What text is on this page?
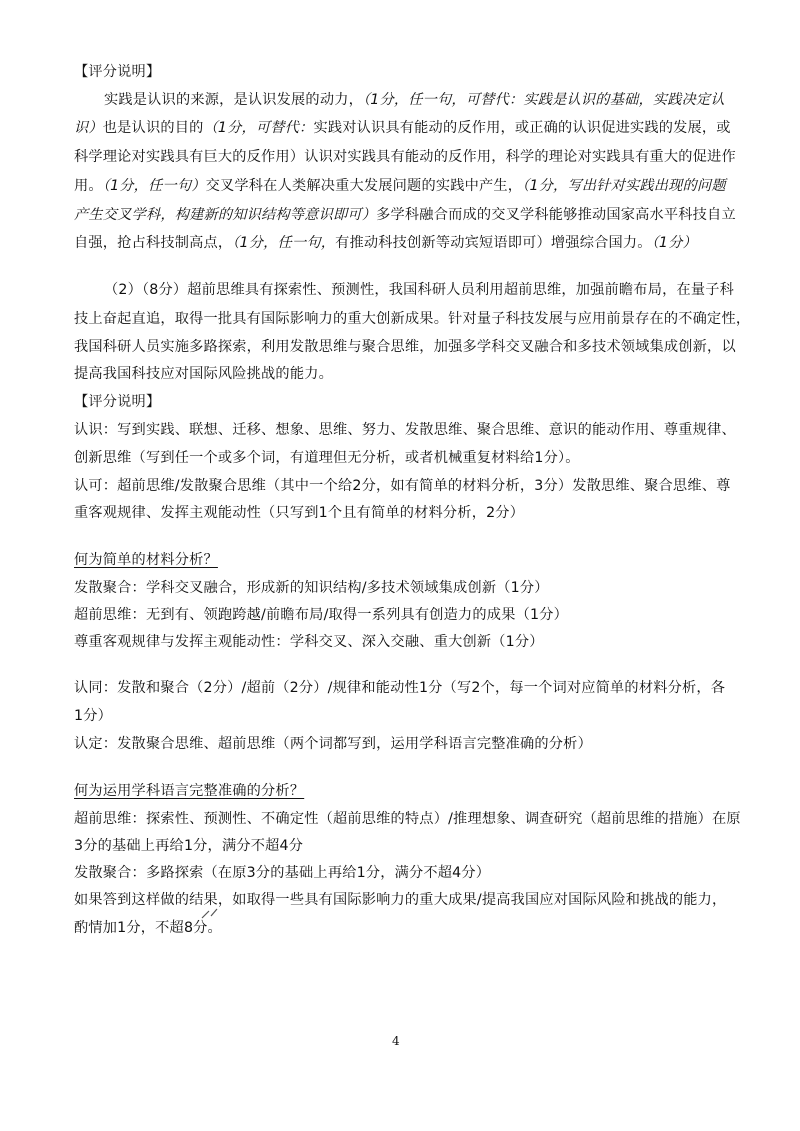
【评分说明】
实践是认识的来源，是认识发展的动力，（1分，任一句，可替代：实践是认识的基础，实践决定认
识）也是认识的目的（1分，可替代：实践对认识具有能动的反作用，或正确的认识促进实践的发展，或
科学理论对实践具有巨大的反作用）认识对实践具有能动的反作用，科学的理论对实践具有重大的促进作
用。（1分，任一句）交叉学科在人类解决重大发展问题的实践中产生，（1分，写出针对实践出现的问题
产生交叉学科，构建新的知识结构等意识即可）多学科融合而成的交叉学科能够推动国家高水平科技自立
自强，抢占科技制高点，（1分，任一句，有推动科技创新等动宾短语即可）增强综合国力。（1分）
（2）（8分）超前思维具有探索性、预测性，我国科研人员利用超前思维，加强前瞻布局，在量子科
技上奋起直追，取得一批具有国际影响力的重大创新成果。针对量子科技发展与应用前景存在的不确定性，
我国科研人员实施多路探索，利用发散思维与聚合思维，加强多学科交叉融合和多技术领域集成创新，以
提高我国科技应对国际风险挑战的能力。
【评分说明】
认识：写到实践、联想、迁移、想象、思维、努力、发散思维、聚合思维、意识的能动作用、尊重规律、
创新思维（写到任一个或多个词，有道理但无分析，或者机械重复材料给1分）。
认可：超前思维/发散聚合思维（其中一个给2分，如有简单的材料分析，3分）发散思维、聚合思维、尊
重客观规律、发挥主观能动性（只写到1个且有简单的材料分析，2分）
何为简单的材料分析？
发散聚合：学科交叉融合，形成新的知识结构/多技术领域集成创新（1分）
超前思维：无到有、领跑跨越/前瞻布局/取得一系列具有创造力的成果（1分）
尊重客观规律与发挥主观能动性：学科交叉、深入交融、重大创新（1分）
认同：发散和聚合（2分）/超前（2分）/规律和能动性1分（写2个，每一个词对应简单的材料分析，各
1分）
认定：发散聚合思维、超前思维（两个词都写到，运用学科语言完整准确的分析）
何为运用学科语言完整准确的分析？
超前思维：探索性、预测性、不确定性（超前思维的特点）/推理想象、调查研究（超前思维的措施）在原
3分的基础上再给1分，满分不超4分
发散聚合：多路探索（在原3分的基础上再给1分，满分不超4分）
如果答到这样做的结果，如取得一些具有国际影响力的重大成果/提高我国应对国际风险和挑战的能力，
酌情加1分，不超8分。
4
